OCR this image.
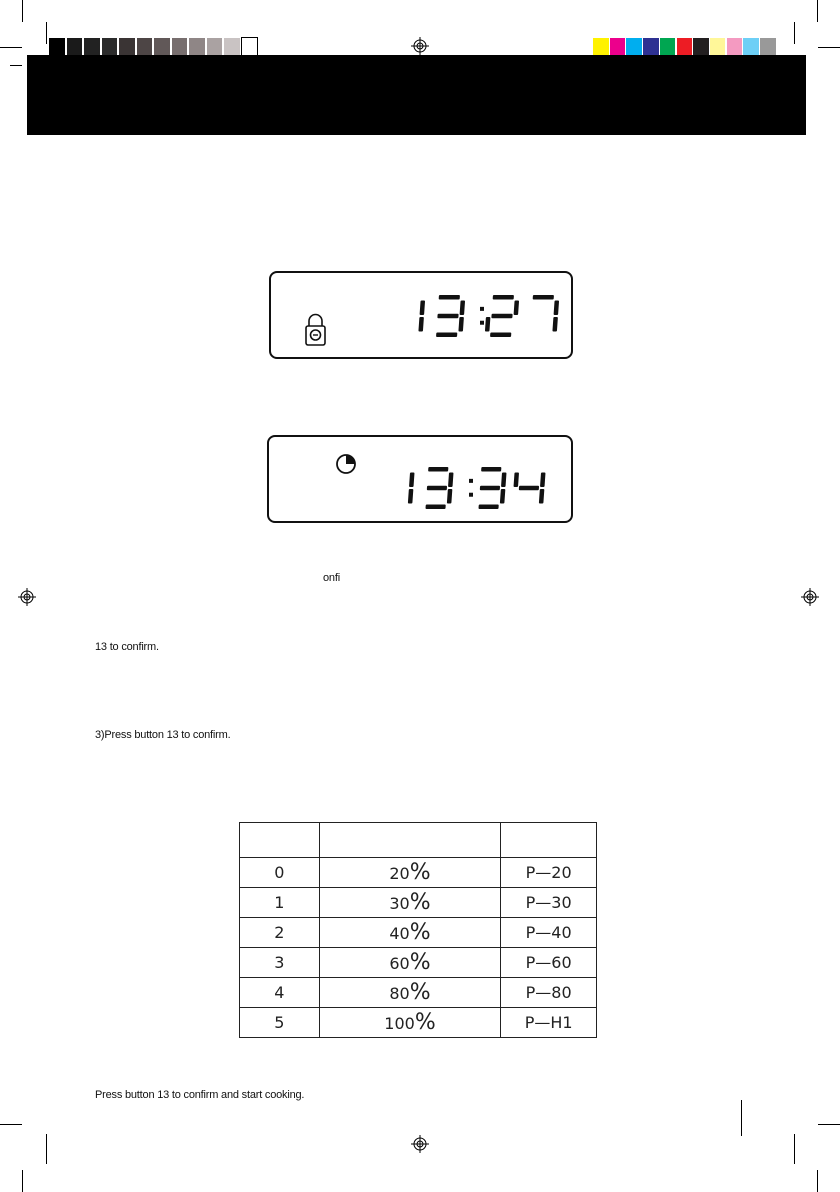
onfi
13 to confirm.
3)Press button 13 to confirm.

0	20%	P—20
1	30%	P—30
2	40%	P—40
3	60%	P—60
4	80%	P—80
5	100%	P—H1
Press button 13 to confirm and start cooking.
